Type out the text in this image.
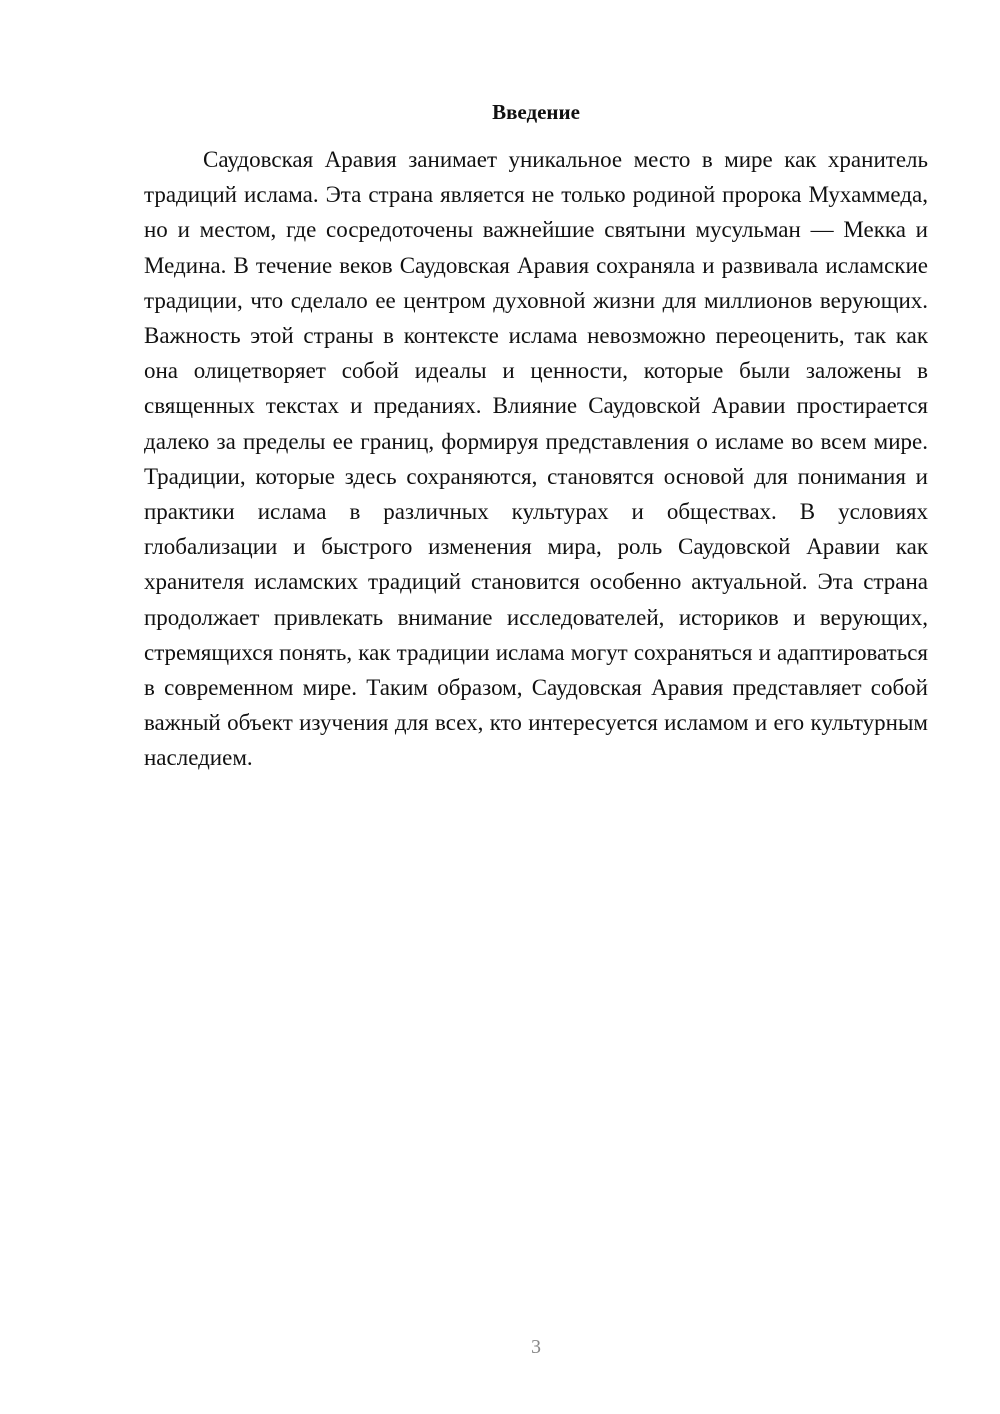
Введение

Саудовская Аравия занимает уникальное место в мире как хранитель традиций ислама. Эта страна является не только родиной пророка Мухаммеда, но и местом, где сосредоточены важнейшие святыни мусульман — Мекка и Медина. В течение веков Саудовская Аравия сохраняла и развивала исламские традиции, что сделало ее центром духовной жизни для миллионов верующих. Важность этой страны в контексте ислама невозможно переоценить, так как она олицетворяет собой идеалы и ценности, которые были заложены в священных текстах и преданиях. Влияние Саудовской Аравии простирается далеко за пределы ее границ, формируя представления о исламе во всем мире. Традиции, которые здесь сохраняются, становятся основой для понимания и практики ислама в различных культурах и обществах. В условиях глобализации и быстрого изменения мира, роль Саудовской Аравии как хранителя исламских традиций становится особенно актуальной. Эта страна продолжает привлекать внимание исследователей, историков и верующих, стремящихся понять, как традиции ислама могут сохраняться и адаптироваться в современном мире. Таким образом, Саудовская Аравия представляет собой важный объект изучения для всех, кто интересуется исламом и его культурным наследием.

3
